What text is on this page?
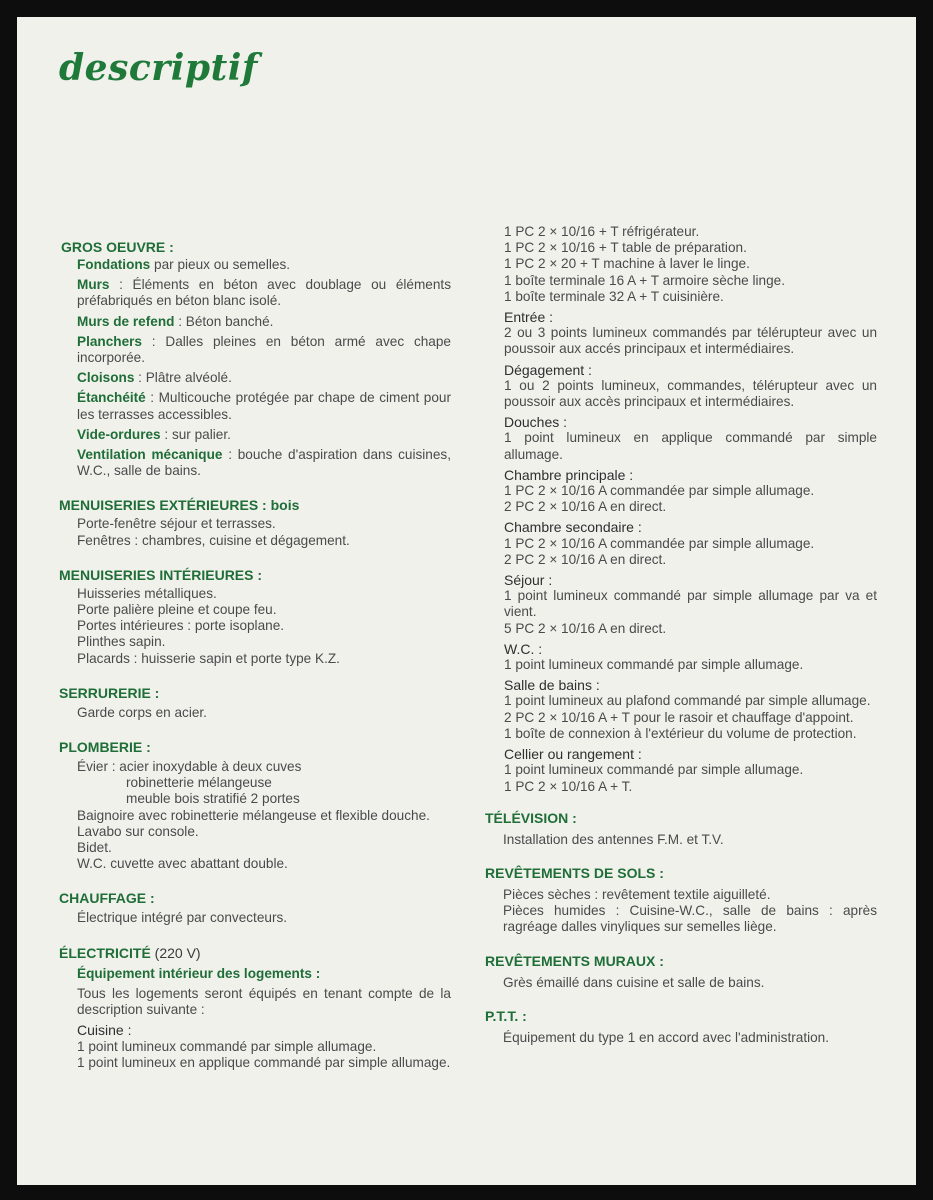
descriptif
GROS OEUVRE :

Fondations par pieux ou semelles.

Murs : Éléments en béton avec doublage ou éléments préfabriqués en béton blanc isolé.

Murs de refend : Béton banché.

Planchers : Dalles pleines en béton armé avec chape incorporée.

Cloisons : Plâtre alvéolé.

Étanchéité : Multicouche protégée par chape de ciment pour les terrasses accessibles.

Vide-ordures : sur palier.

Ventilation mécanique : bouche d'aspiration dans cuisines, W.C., salle de bains.

MENUISERIES EXTÉRIEURES : bois
Porte-fenêtre séjour et terrasses.
Fenêtres : chambres, cuisine et dégagement.
MENUISERIES INTÉRIEURES :
Huisseries métalliques.
Porte palière pleine et coupe feu.
Portes intérieures : porte isoplane.
Plinthes sapin.
Placards : huisserie sapin et porte type K.Z.
SERRURERIE :
Garde corps en acier.
PLOMBERIE :
Évier : acier inoxydable à deux cuves
robinetterie mélangeuse
meuble bois stratifié 2 portes

Baignoire avec robinetterie mélangeuse et flexible douche.

Lavabo sur console.
Bidet.
W.C. cuvette avec abattant double.
CHAUFFAGE :
Électrique intégré par convecteurs.
ÉLECTRICITÉ (220 V)
Équipement intérieur des logements :

Tous les logements seront équipés en tenant compte de la description suivante :

Cuisine :
1 point lumineux commandé par simple allumage.

1 point lumineux en applique commandé par simple allumage.

1 PC 2 × 10/16 + T réfrigérateur.
1 PC 2 × 10/16 + T table de préparation.
1 PC 2 × 20 + T machine à laver le linge.
1 boîte terminale 16 A + T armoire sèche linge.
1 boîte terminale 32 A + T cuisinière.
Entrée :

2 ou 3 points lumineux commandés par télérupteur avec un poussoir aux accés principaux et intermédiaires.

Dégagement :

1 ou 2 points lumineux, commandes, télérupteur avec un poussoir aux accès principaux et intermédiaires.

Douches :

1 point lumineux en applique commandé par simple allumage.

Chambre principale :
1 PC 2 × 10/16 A commandée par simple allumage.
2 PC 2 × 10/16 A en direct.
Chambre secondaire :
1 PC 2 × 10/16 A commandée par simple allumage.
2 PC 2 × 10/16 A en direct.
Séjour :

1 point lumineux commandé par simple allumage par va et vient.

5 PC 2 × 10/16 A en direct.
W.C. :
1 point lumineux commandé par simple allumage.
Salle de bains :

1 point lumineux au plafond commandé par simple allumage.

2 PC 2 × 10/16 A + T pour le rasoir et chauffage d'appoint.

1 boîte de connexion à l'extérieur du volume de protection.

Cellier ou rangement :
1 point lumineux commandé par simple allumage.
1 PC 2 × 10/16 A + T.
TÉLÉVISION :
Installation des antennes F.M. et T.V.
REVÊTEMENTS DE SOLS :
Pièces sèches : revêtement textile aiguilleté.

Pièces humides : Cuisine-W.C., salle de bains : après ragréage dalles vinyliques sur semelles liège.

REVÊTEMENTS MURAUX :
Grès émaillé dans cuisine et salle de bains.
P.T.T. :
Équipement du type 1 en accord avec l'administration.
